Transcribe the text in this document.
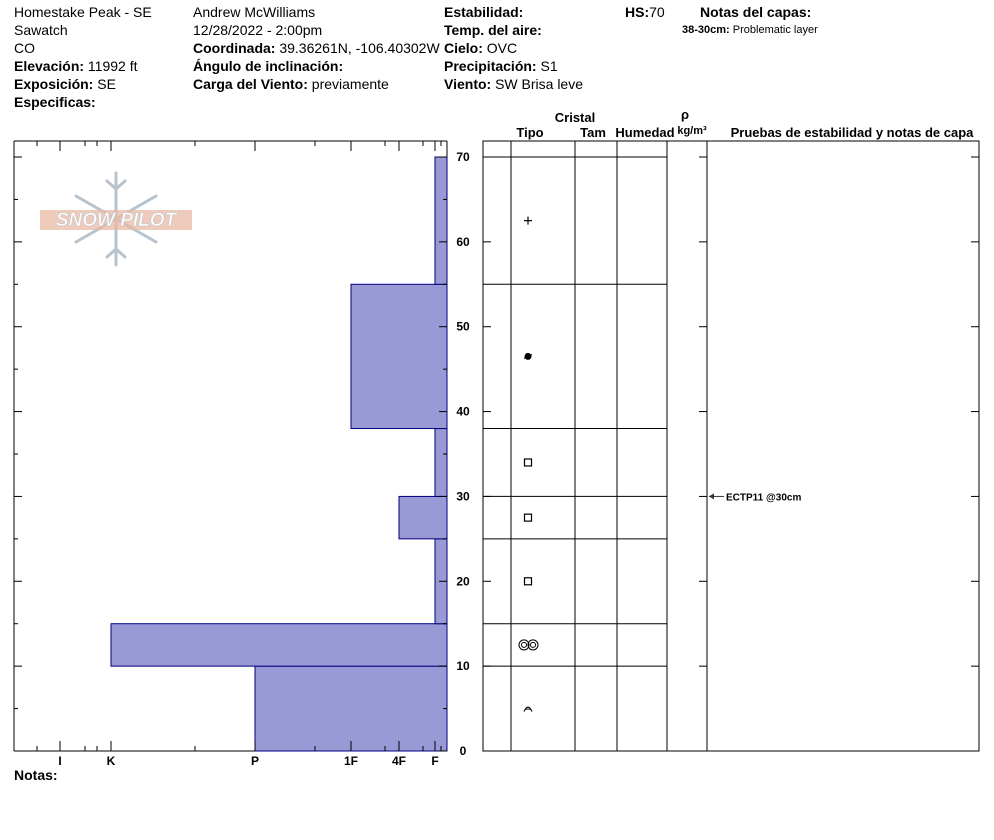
Homestake Peak - SE
Sawatch
CO
Elevación: 11992 ft
Exposición: SE
Especificas:
Andrew McWilliams
12/28/2022 - 2:00pm
Coordinada: 39.36261N, -106.40302W
Ángulo de inclinación:
Carga del Viento: previamente
Estabilidad:
Temp. del aire:
Cielo: OVC
Precipitación: S1
Viento: SW Brisa leve
HS:70	Notas del capas:
38-30cm: Problematic layer
Notas:
SNOW PILOT
I	K	P	1F	4F F
0
10
20
30
40
50
60
70
ECTP11 @30cm
Cristal
Tipo	Tam Humedad
ρ
kg/m³ Pruebas de estabilidad y notas de capa
